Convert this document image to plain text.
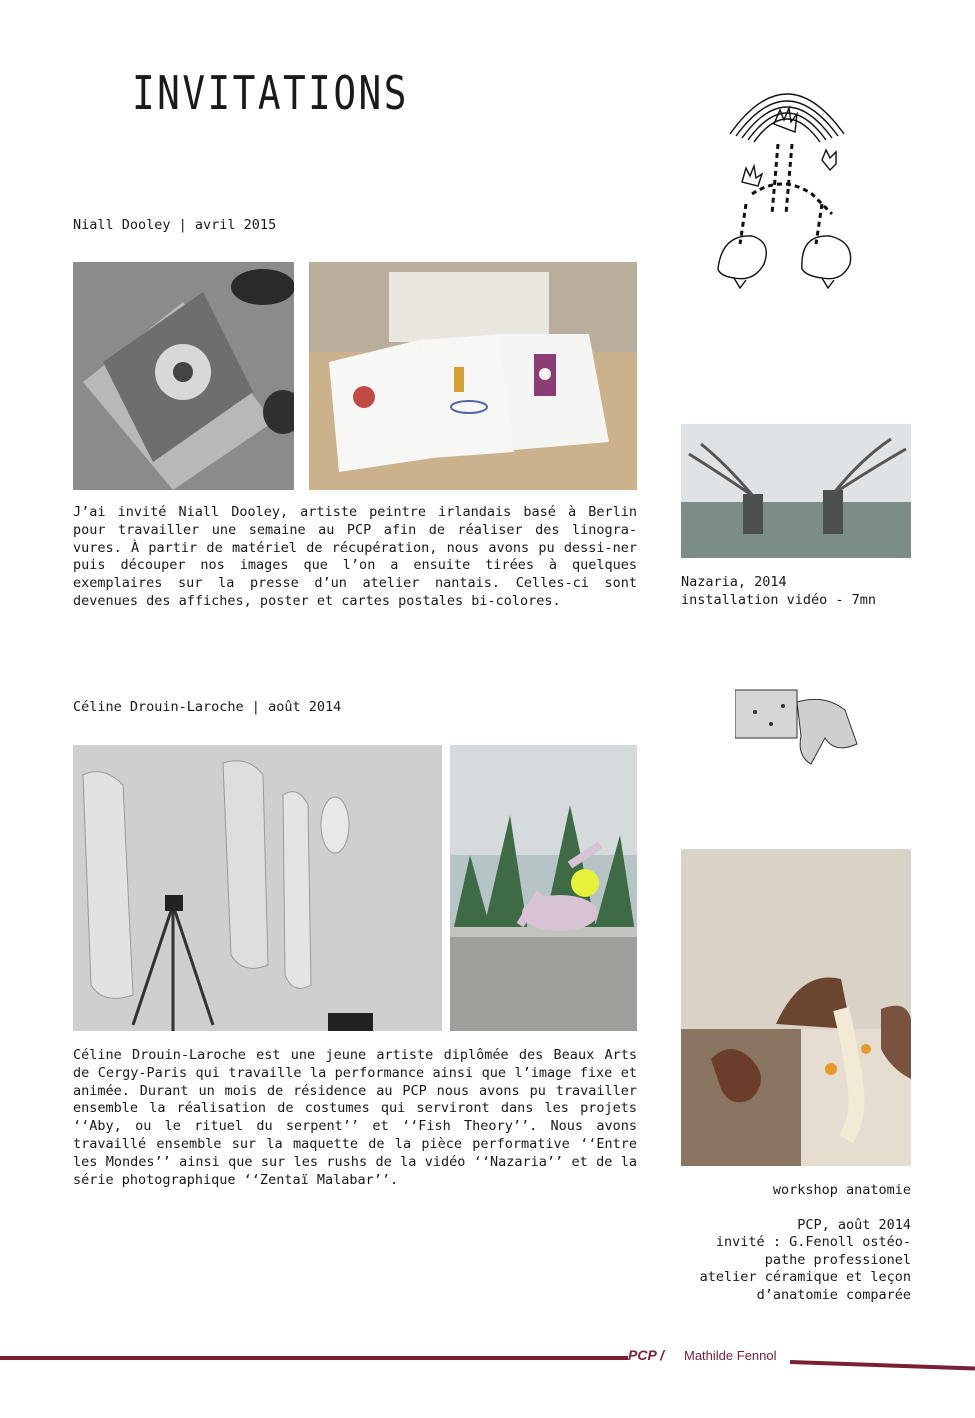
INVITATIONS
Niall Dooley | avril 2015

J’ai invité Niall Dooley, artiste peintre irlandais basé à Berlin pour travailler une semaine au PCP afin de réaliser des linogra-vures. À partir de matériel de récupération, nous avons pu dessi-ner puis découper nos images que l’on a ensuite tirées à quelques exemplaires sur la presse d’un atelier nantais. Celles-ci sont devenues des affiches, poster et cartes postales bi-colores.

Nazaria, 2014
installation vidéo - 7mn
Céline Drouin-Laroche | août 2014

Céline Drouin-Laroche est une jeune artiste diplômée des Beaux Arts de Cergy-Paris qui travaille la performance ainsi que l’image fixe et animée. Durant un mois de résidence au PCP nous avons pu travailler ensemble la réalisation de costumes qui serviront dans les projets ‘‘Aby, ou le rituel du serpent’’ et ‘‘Fish Theory’’. Nous avons travaillé ensemble sur la maquette de la pièce performative ‘‘Entre les Mondes’’ ainsi que sur les rushs de la vidéo ‘‘Nazaria’’ et de la série photographique ‘‘Zentaï Malabar’’.

workshop anatomie
PCP, août 2014
invité : G.Fenoll ostéo-
pathe professionel
atelier céramique et leçon
d’anatomie comparée
PCP / Mathilde Fennol
